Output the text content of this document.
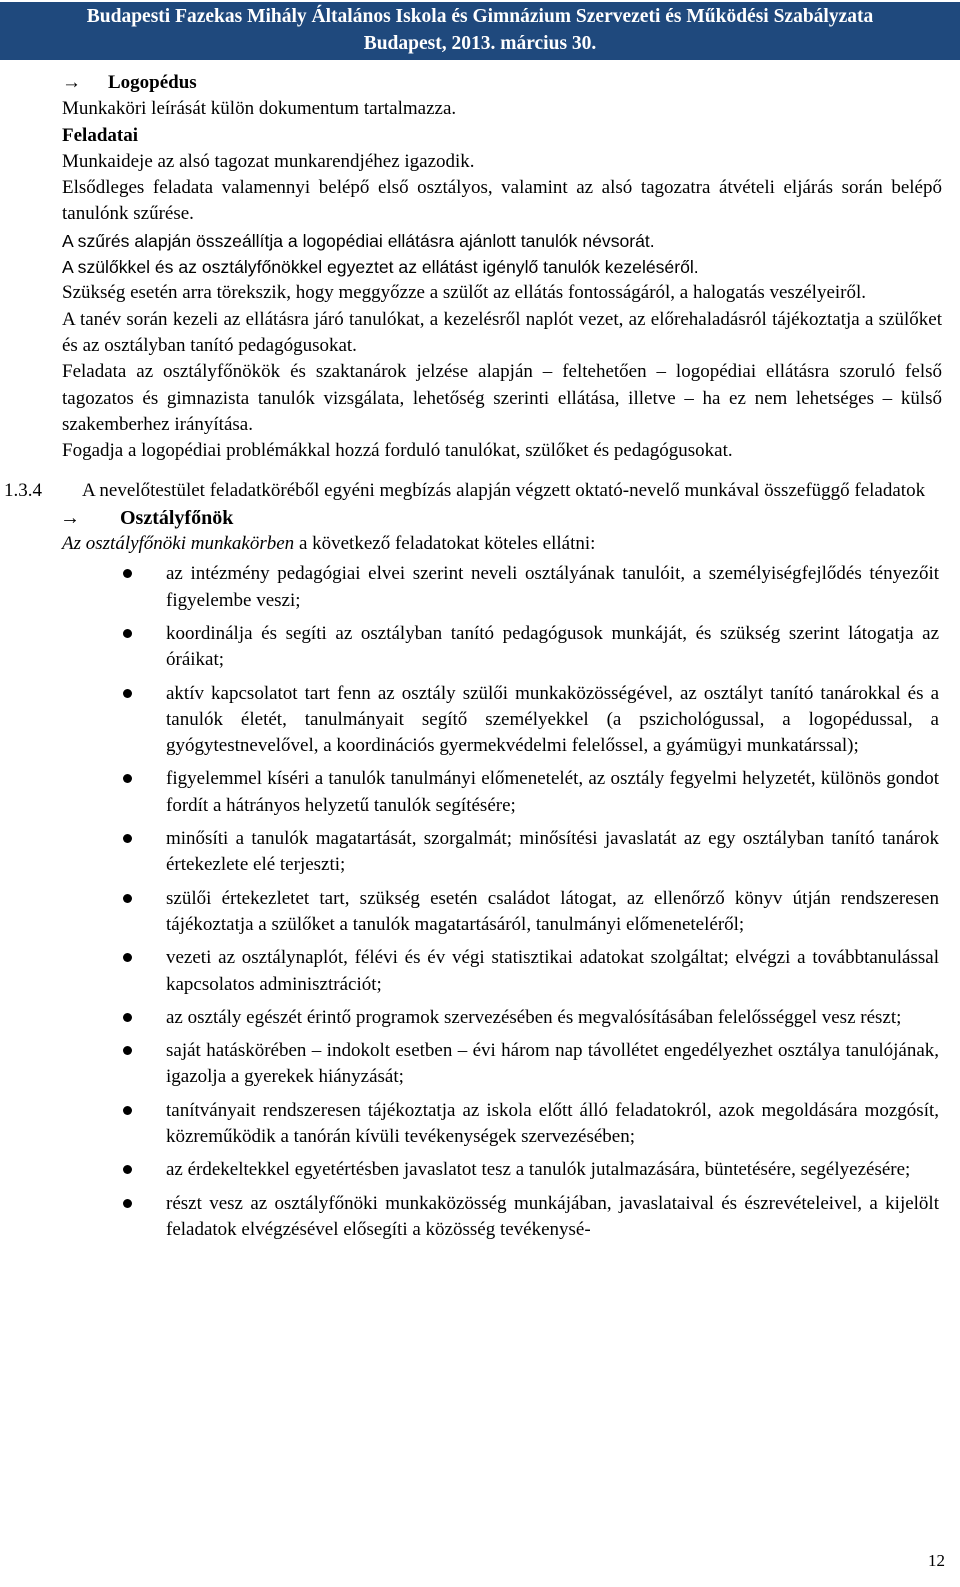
Budapesti Fazekas Mihály Általános Iskola és Gimnázium Szervezeti és Működési Szabályzata
Budapest, 2013. március 30.
→ Logopédus
Munkaköri leírását külön dokumentum tartalmazza.
Feladatai
Munkaideje az alsó tagozat munkarendjéhez igazodik.
Elsődleges feladata valamennyi belépő első osztályos, valamint az alsó tagozatra átvételi eljárás során belépő tanulónk szűrése.
A szűrés alapján összeállítja a logopédiai ellátásra ajánlott tanulók névsorát.
A szülőkkel és az osztályfőnökkel egyeztet az ellátást igénylő tanulók kezeléséről.
Szükség esetén arra törekszik, hogy meggyőzze a szülőt az ellátás fontosságáról, a halogatás veszélyeiről.
A tanév során kezeli az ellátásra járó tanulókat, a kezelésről naplót vezet, az előrehaladásról tájékoztatja a szülőket és az osztályban tanító pedagógusokat.
Feladata az osztályfőnökök és szaktanárok jelzése alapján – feltehetően – logopédiai ellátásra szoruló felső tagozatos és gimnazista tanulók vizsgálata, lehetőség szerinti ellátása, illetve – ha ez nem lehetséges – külső szakemberhez irányítása.
Fogadja a logopédiai problémákkal hozzá forduló tanulókat, szülőket és pedagógusokat.
1.3.4 A nevelőtestület feladatköréből egyéni megbízás alapján végzett oktató-nevelő munkával összefüggő feladatok
→ Osztályfőnök
Az osztályfőnöki munkakörben a következő feladatokat köteles ellátni:
az intézmény pedagógiai elvei szerint neveli osztályának tanulóit, a személyiségfejlődés tényezőit figyelembe veszi;
koordinálja és segíti az osztályban tanító pedagógusok munkáját, és szükség szerint látogatja az óráikat;
aktív kapcsolatot tart fenn az osztály szülői munkaközösségével, az osztályt tanító tanárokkal és a tanulók életét, tanulmányait segítő személyekkel (a pszichológussal, a logopédussal, a gyógytestnevelővel, a koordinációs gyermekvédelmi felelőssel, a gyámügyi munkatárssal);
figyelemmel kíséri a tanulók tanulmányi előmenetelét, az osztály fegyelmi helyzetét, különös gondot fordít a hátrányos helyzetű tanulók segítésére;
minősíti a tanulók magatartását, szorgalmát; minősítési javaslatát az egy osztályban tanító tanárok értekezlete elé terjeszti;
szülői értekezletet tart, szükség esetén családot látogat, az ellenőrző könyv útján rendszeresen tájékoztatja a szülőket a tanulók magatartásáról, tanulmányi előmeneteléről;
vezeti az osztálynaplót, félévi és év végi statisztikai adatokat szolgáltat; elvégzi a továbbtanulással kapcsolatos adminisztrációt;
az osztály egészét érintő programok szervezésében és megvalósításában felelősséggel vesz részt;
saját hatáskörében – indokolt esetben – évi három nap távollétet engedélyezhet osztálya tanulójának, igazolja a gyerekek hiányzását;
tanítványait rendszeresen tájékoztatja az iskola előtt álló feladatokról, azok megoldására mozgósít, közreműködik a tanórán kívüli tevékenységek szervezésében;
az érdekeltekkel egyetértésben javaslatot tesz a tanulók jutalmazására, büntetésére, segélyezésére;
részt vesz az osztályfőnöki munkaközösség munkájában, javaslataival és észrevételeivel, a kijelölt feladatok elvégzésével elősegíti a közösség tevékenysé-
12
